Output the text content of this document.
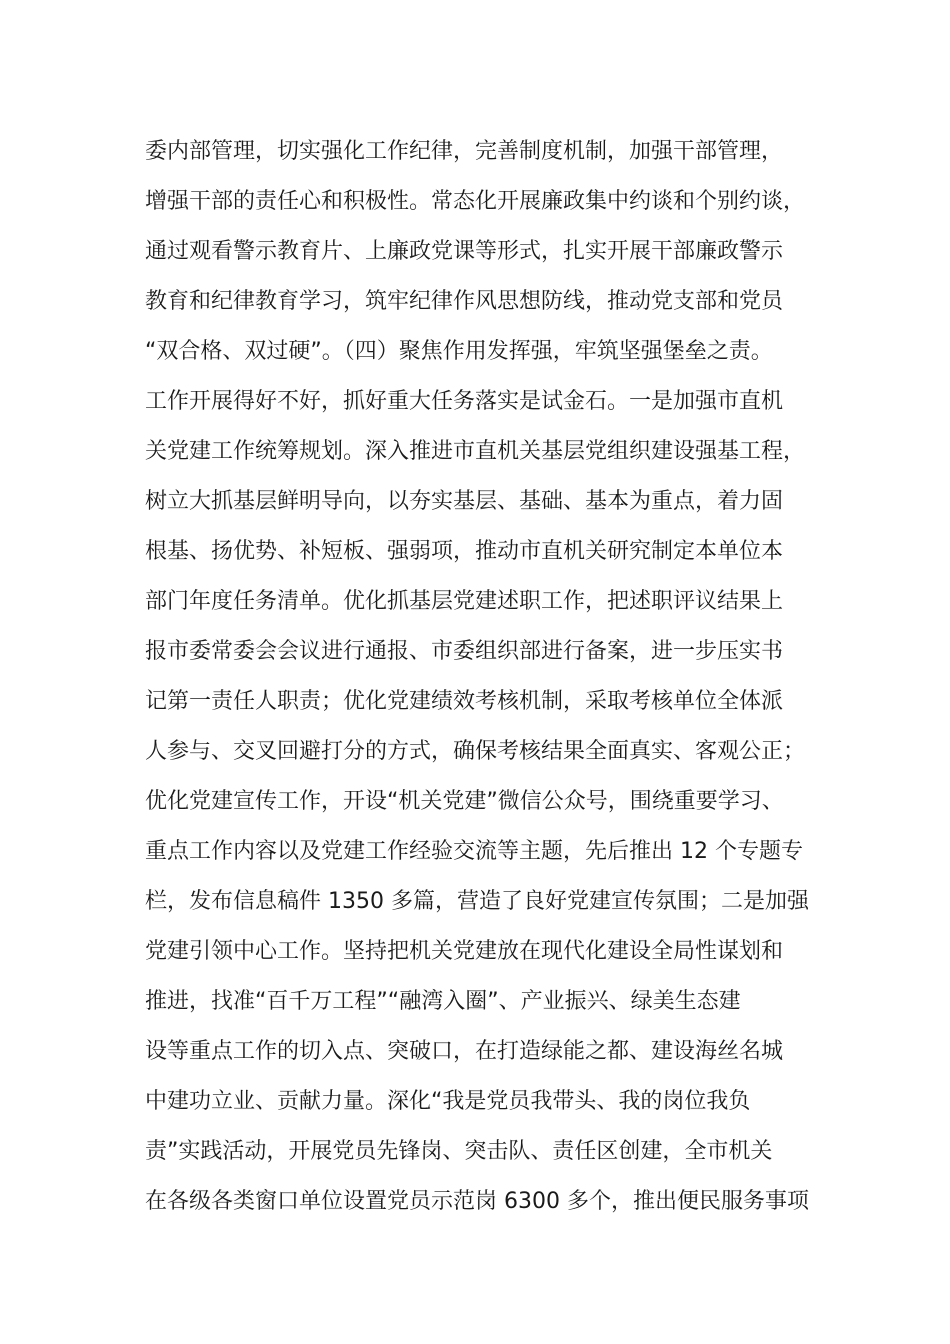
委内部管理，切实强化工作纪律，完善制度机制，加强干部管理，
增强干部的责任心和积极性。常态化开展廉政集中约谈和个别约谈，
通过观看警示教育片、上廉政党课等形式，扎实开展干部廉政警示
教育和纪律教育学习，筑牢纪律作风思想防线，推动党支部和党员
“双合格、双过硬”。（四）聚焦作用发挥强，牢筑坚强堡垒之责。
工作开展得好不好，抓好重大任务落实是试金石。一是加强市直机
关党建工作统筹规划。深入推进市直机关基层党组织建设强基工程，
树立大抓基层鲜明导向，以夯实基层、基础、基本为重点，着力固
根基、扬优势、补短板、强弱项，推动市直机关研究制定本单位本
部门年度任务清单。优化抓基层党建述职工作，把述职评议结果上
报市委常委会会议进行通报、市委组织部进行备案，进一步压实书
记第一责任人职责；优化党建绩效考核机制，采取考核单位全体派
人参与、交叉回避打分的方式，确保考核结果全面真实、客观公正；
优化党建宣传工作，开设“机关党建”微信公众号，围绕重要学习、
重点工作内容以及党建工作经验交流等主题，先后推出 12 个专题专
栏，发布信息稿件 1350 多篇，营造了良好党建宣传氛围；二是加强
党建引领中心工作。坚持把机关党建放在现代化建设全局性谋划和
推进，找准“百千万工程”“融湾入圈”、产业振兴、绿美生态建
设等重点工作的切入点、突破口，在打造绿能之都、建设海丝名城
中建功立业、贡献力量。深化“我是党员我带头、我的岗位我负
责”实践活动，开展党员先锋岗、突击队、责任区创建，全市机关
在各级各类窗口单位设置党员示范岗 6300 多个，推出便民服务事项
